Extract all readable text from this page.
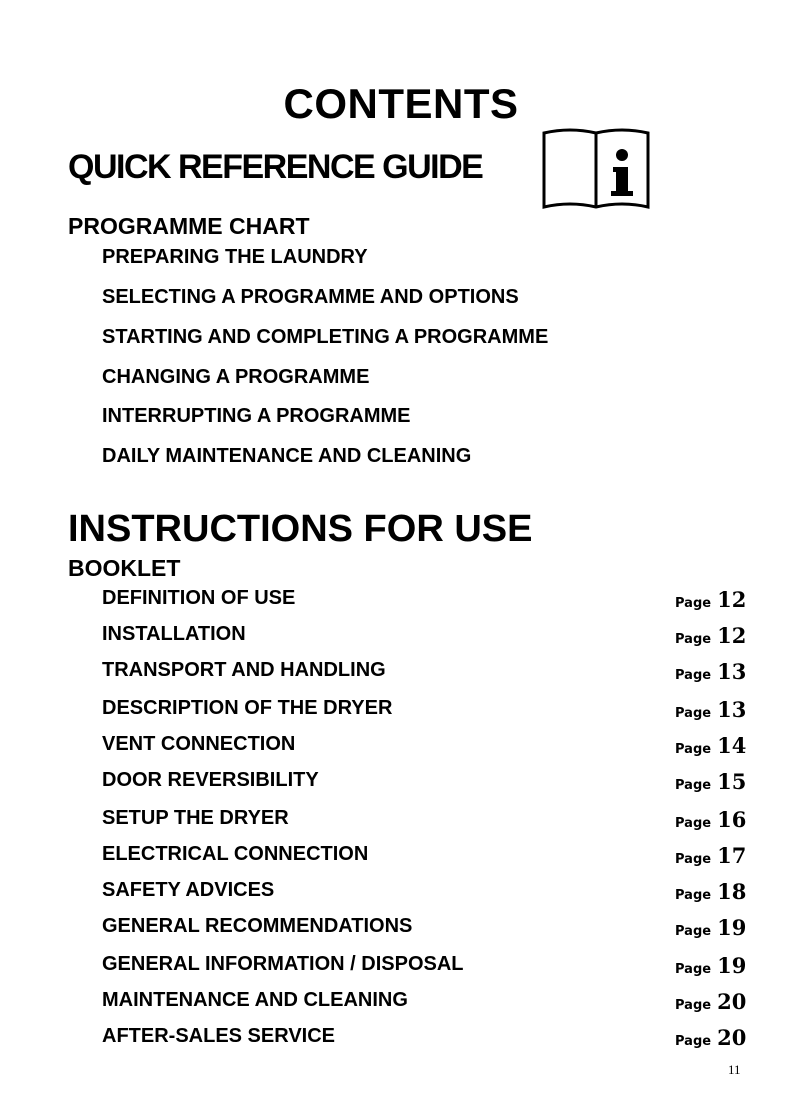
CONTENTS
QUICK REFERENCE GUIDE
PROGRAMME CHART

PREPARING THE LAUNDRY

SELECTING A PROGRAMME AND OPTIONS

STARTING AND COMPLETING A PROGRAMME

CHANGING A PROGRAMME

INTERRUPTING A PROGRAMME

DAILY MAINTENANCE AND CLEANING

INSTRUCTIONS FOR USE
BOOKLET

DEFINITION OF USE	Page 12

INSTALLATION	Page 12

TRANSPORT AND HANDLING	Page 13

DESCRIPTION OF THE DRYER	Page 13

VENT CONNECTION	Page 14

DOOR REVERSIBILITY	Page 15

SETUP THE DRYER	Page 16

ELECTRICAL CONNECTION	Page 17

SAFETY ADVICES	Page 18

GENERAL RECOMMENDATIONS	Page 19

GENERAL INFORMATION / DISPOSAL	Page 19

MAINTENANCE AND CLEANING	Page 20

AFTER-SALES SERVICE	Page 20
11
